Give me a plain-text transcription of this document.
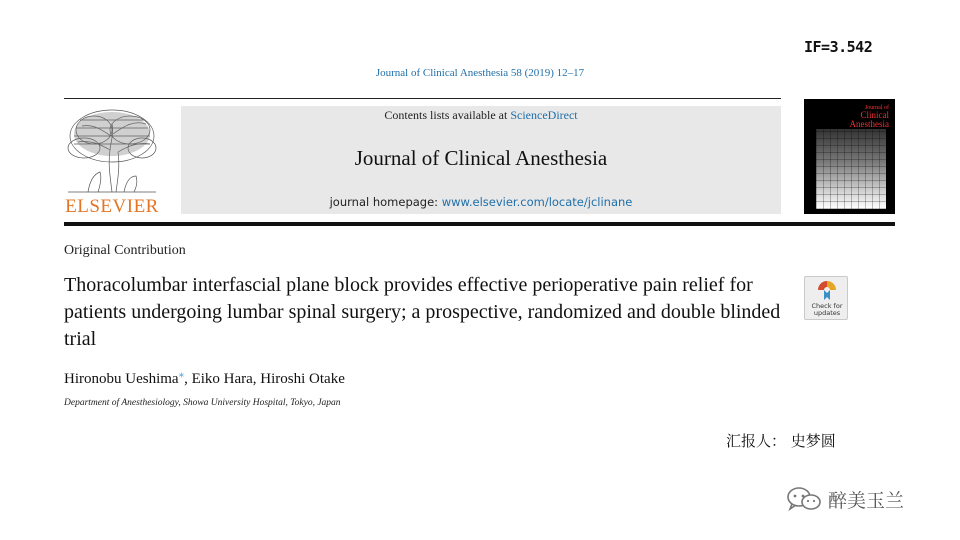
IF=3.542
Journal of Clinical Anesthesia 58 (2019) 12–17
ELSEVIER
Contents lists available at ScienceDirect
Journal of Clinical Anesthesia
journal homepage: www.elsevier.com/locate/jclinane
Journal of
Clinical
Anesthesia
Original Contribution
Thoracolumbar interfascial plane block provides effective perioperative pain relief for patients undergoing lumbar spinal surgery; a prospective, randomized and double blinded trial
Check for
updates
Hironobu Ueshima⁎, Eiko Hara, Hiroshi Otake
Department of Anesthesiology, Showa University Hospital, Tokyo, Japan
汇报人： 史梦圆
醉美玉兰
